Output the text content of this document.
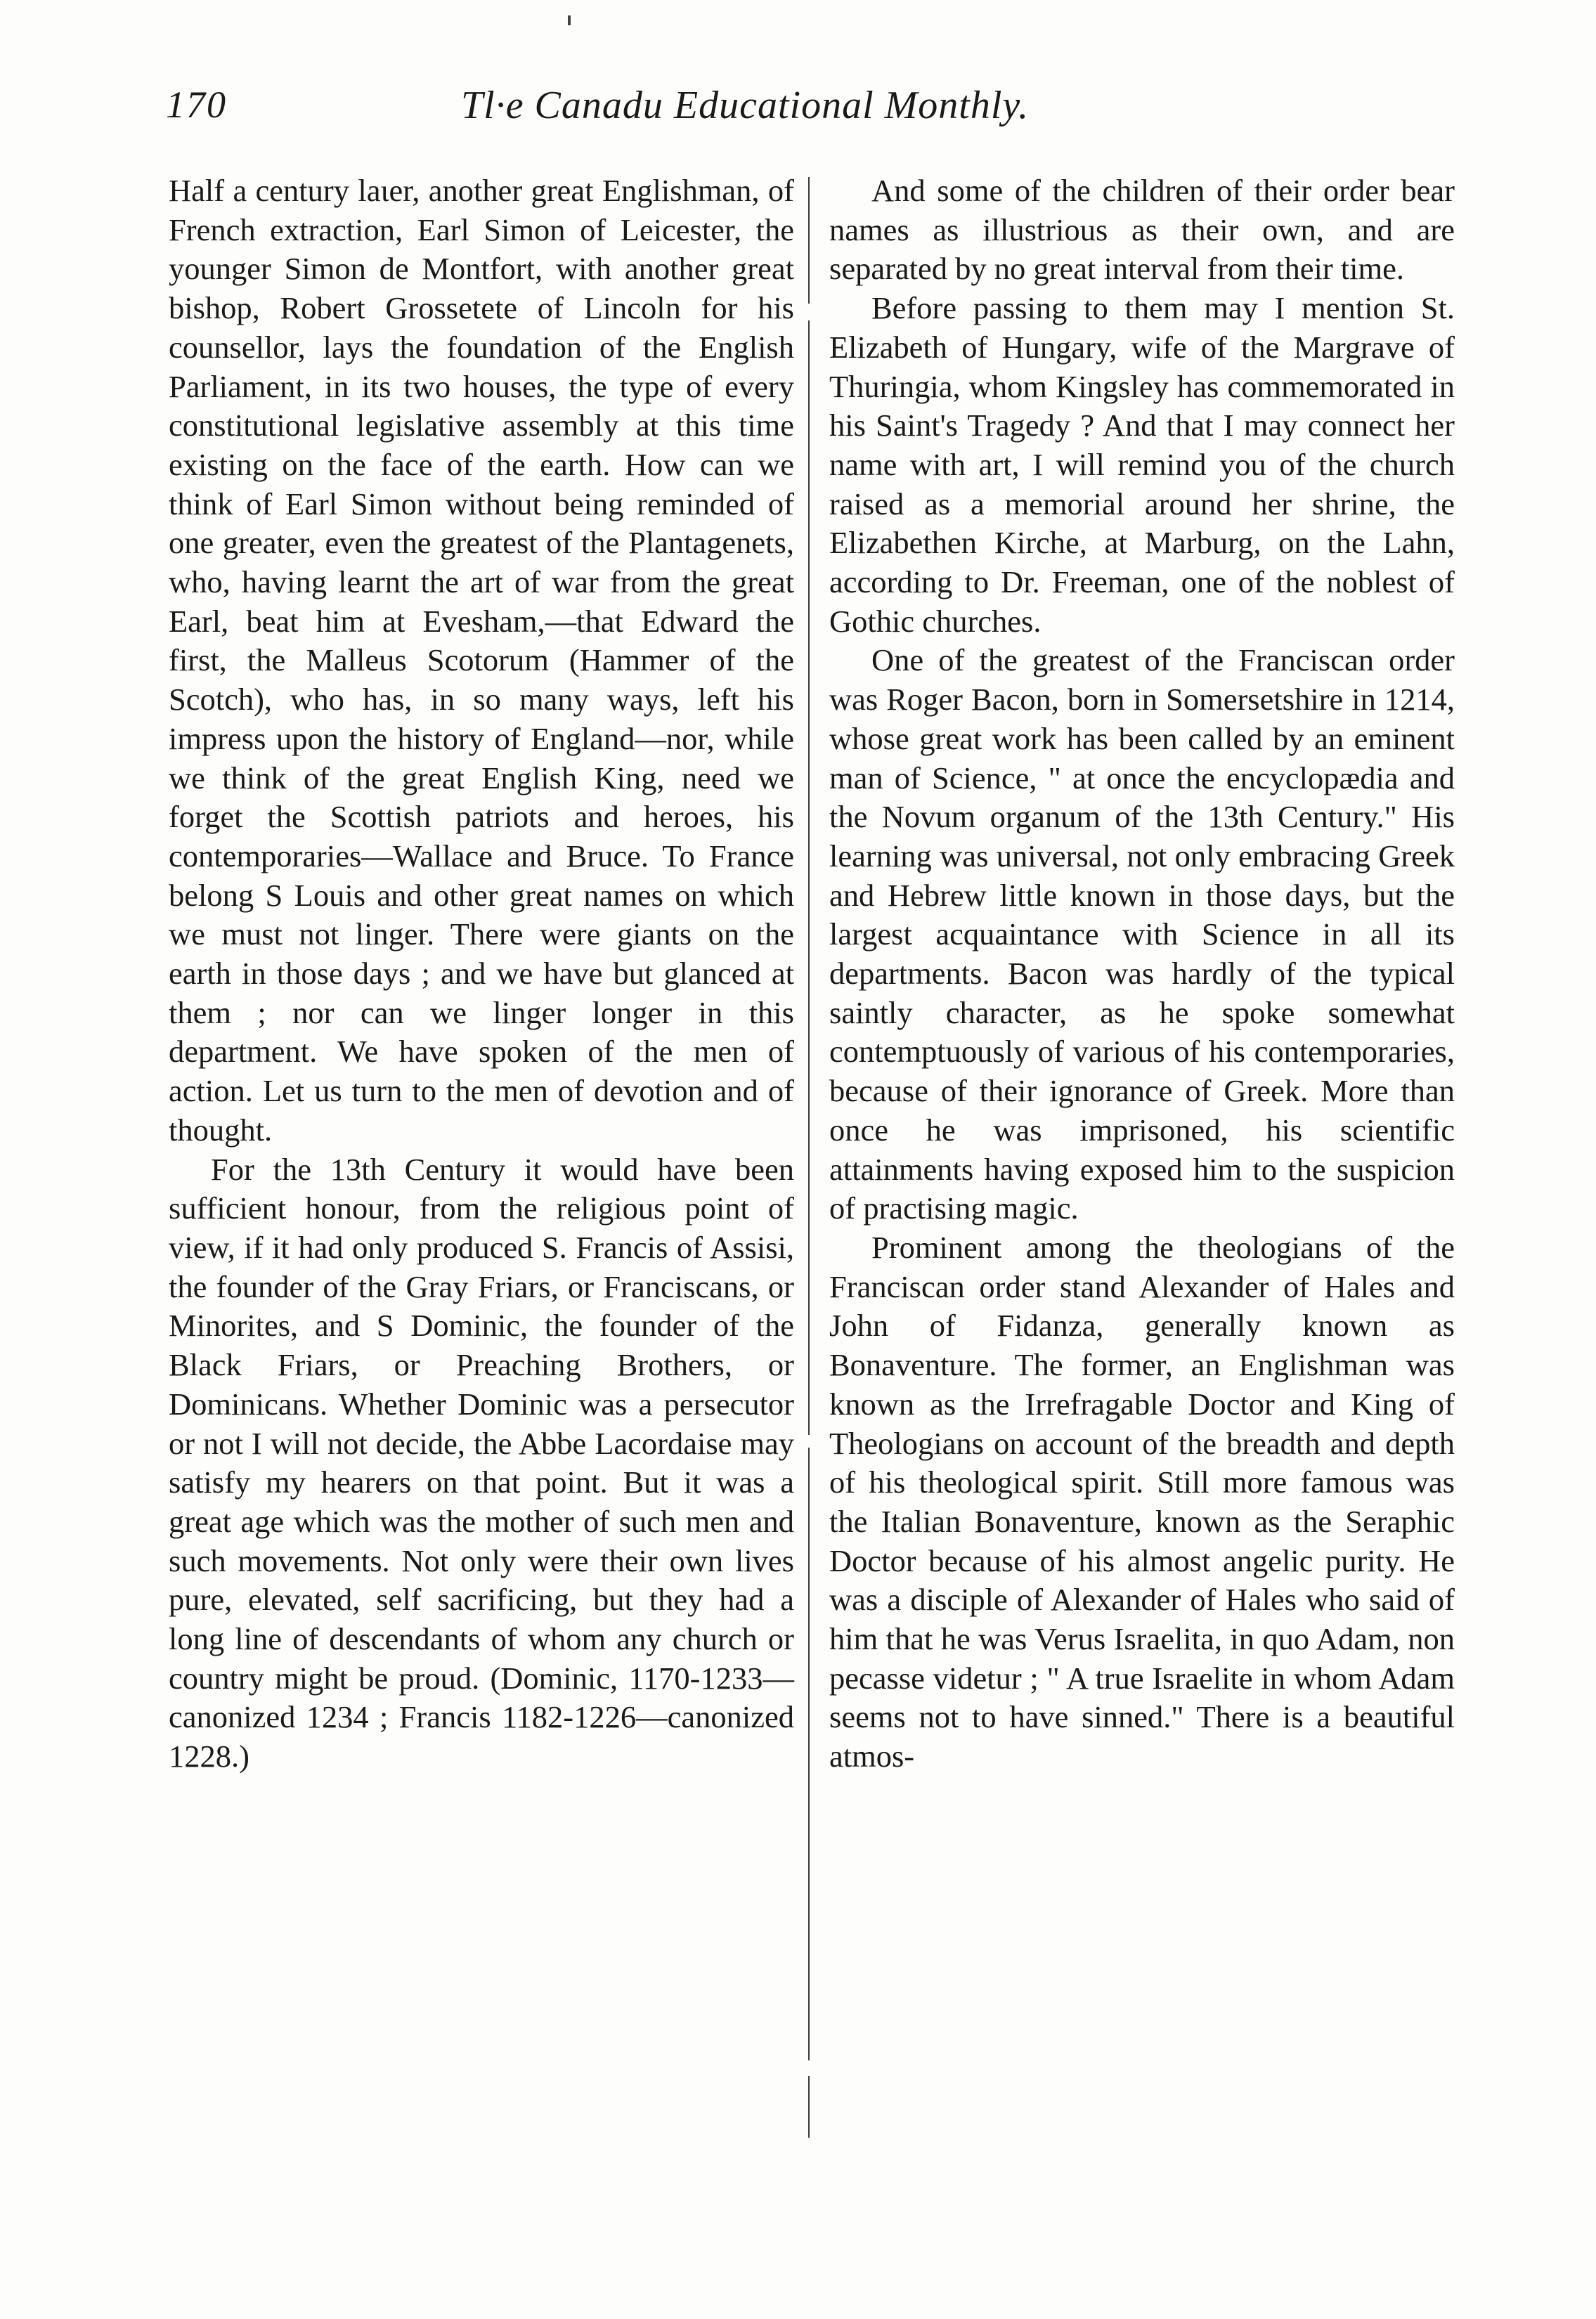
170	Tl·e Canadu Educational Monthly.

Half a century laιer, another great Englishman, of French extraction, Earl Simon of Leicester, the younger Simon de Montfort, with another great bishop, Robert Grossetete of Lincoln for his counsellor, lays the foundation of the English Parliament, in its two houses, the type of every constitutional legislative assembly at this time existing on the face of the earth. How can we think of Earl Simon without being reminded of one greater, even the greatest of the Plantagenets, who, having learnt the art of war from the great Earl, beat him at Evesham,—that Edward the first, the Malleus Scotorum (Hammer of the Scotch), who has, in so many ways, left his impress upon the history of England—nor, while we think of the great English King, need we forget the Scottish patriots and heroes, his contemporaries—Wallace and Bruce. To France belong S Louis and other great names on which we must not linger. There were giants on the earth in those days ; and we have but glanced at them ; nor can we linger longer in this department. We have spoken of the men of action. Let us turn to the men of devotion and of thought.

For the 13th Century it would have been sufficient honour, from the religious point of view, if it had only produced S. Francis of Assisi, the founder of the Gray Friars, or Franciscans, or Minorites, and S Dominic, the founder of the Black Friars, or Preaching Brothers, or Dominicans. Whether Dominic was a persecutor or not I will not decide, the Abbe Lacordaise may satisfy my hearers on that point. But it was a great age which was the mother of such men and such movements. Not only were their own lives pure, elevated, self sacrificing, but they had a long line of descendants of whom any church or country might be proud. (Dominic, 1170-1233—canonized 1234 ; Francis 1182-1226—canonized 1228.)

And some of the children of their order bear names as illustrious as their own, and are separated by no great interval from their time.

Before passing to them may I mention St. Elizabeth of Hungary, wife of the Margrave of Thuringia, whom Kingsley has commemorated in his Saint's Tragedy ? And that I may connect her name with art, I will remind you of the church raised as a memorial around her shrine, the Elizabethen Kirche, at Marburg, on the Lahn, according to Dr. Freeman, one of the noblest of Gothic churches.

One of the greatest of the Franciscan order was Roger Bacon, born in Somersetshire in 1214, whose great work has been called by an eminent man of Science, " at once the encyclopædia and the Novum organum of the 13th Century." His learning was universal, not only embracing Greek and Hebrew little known in those days, but the largest acquaintance with Science in all its departments. Bacon was hardly of the typical saintly character, as he spoke somewhat contemptuously of various of his contemporaries, because of their ignorance of Greek. More than once he was imprisoned, his scientific attainments having exposed him to the suspicion of practising magic.

Prominent among the theologians of the Franciscan order stand Alexander of Hales and John of Fidanza, generally known as Bonaventure. The former, an Englishman was known as the Irrefragable Doctor and King of Theologians on account of the breadth and depth of his theological spirit. Still more famous was the Italian Bonaventure, known as the Seraphic Doctor because of his almost angelic purity. He was a disciple of Alexander of Hales who said of him that he was Verus Israelita, in quo Adam, non pecasse videtur ; " A true Israelite in whom Adam seems not to have sinned." There is a beautiful atmos-
